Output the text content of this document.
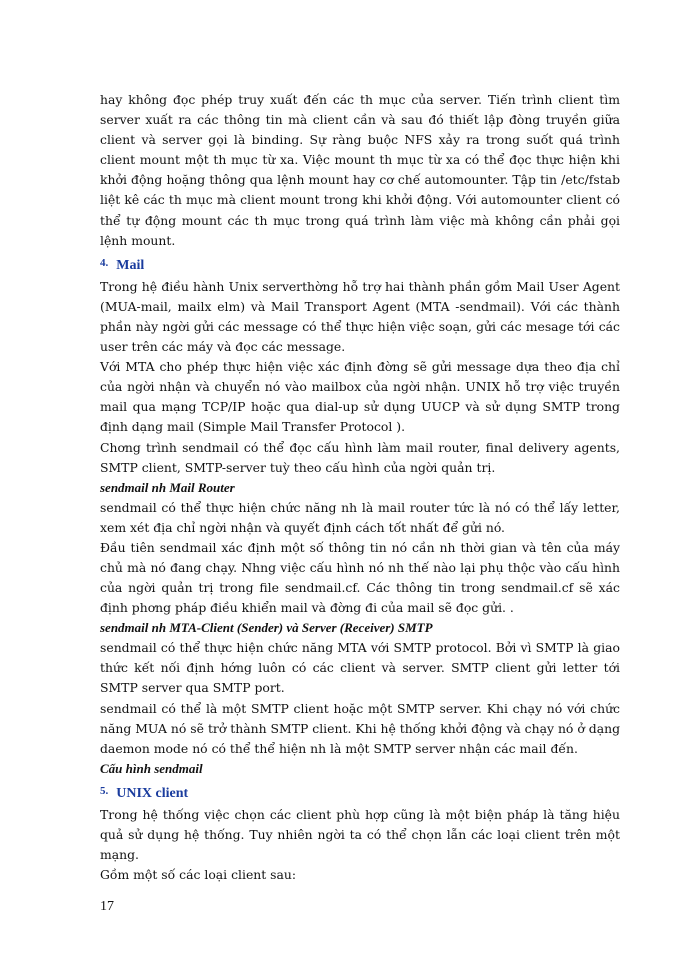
hay không đọc phép truy xuất đến các th mục của server. Tiến trình client tìm server xuất ra các thông tin mà client cần và sau đó thiết lập đòng truyền giữa client và server gọi là binding. Sự ràng buộc NFS xảy ra trong suốt quá trình client mount một th mục từ xa. Việc mount th mục từ xa có thể đọc thực hiện khi khởi động hoặng thông qua lệnh mount hay cơ chế automounter. Tập tin /etc/fstab liệt kê các th mục mà client mount trong khi khởi động. Với automounter client có thể tự động mount các th mục trong quá trình làm việc mà không cần phải gọi lệnh mount.

$^{4.}$ Mail

Trong hệ điều hành Unix serverthờng hỗ trợ hai thành phần gồm Mail User Agent (MUA-mail, mailx elm) và Mail Transport Agent (MTA -sendmail). Với các thành phần này ngời gửi các message có thể thực hiện việc soạn, gửi các mesage tới các user trên các máy và đọc các message.

Với MTA cho phép thực hiện việc xác định đờng sẽ gửi message dựa theo địa chỉ của ngời nhận và chuyển nó vào mailbox của ngời nhận. UNIX hỗ trợ việc truyền mail qua mạng TCP/IP hoặc qua dial-up sử dụng UUCP và sử dụng SMTP trong định dạng mail (Simple Mail Transfer Protocol ).

Chơng trình sendmail có thể đọc cấu hình làm mail router, final delivery agents, SMTP client, SMTP-server tuỳ theo cấu hình của ngời quản trị.

sendmail nh Mail Router

sendmail có thể thực hiện chức năng nh là mail router tức là nó có thể lấy letter, xem xét địa chỉ ngời nhận và quyết định cách tốt nhất để gửi nó.

Đầu tiên sendmail xác định một số thông tin nó cần nh thời gian và tên của máy chủ mà nó đang chạy. Nhng việc cấu hình nó nh thế nào lại phụ thộc vào cấu hình của ngời quản trị trong file sendmail.cf. Các thông tin trong sendmail.cf sẽ xác định phơng pháp điều khiển mail và đờng đi của mail sẽ đọc gửi. .

sendmail nh MTA-Client (Sender) và Server (Receiver) SMTP

sendmail có thể thực hiện chức năng MTA với SMTP protocol. Bởi vì SMTP là giao thức kết nối định hớng luôn có các client và server. SMTP client gửi letter tới SMTP server qua SMTP port.

sendmail có thể là một SMTP client hoặc một SMTP server. Khi chạy nó với chức năng MUA nó sẽ trở thành SMTP client. Khi hệ thống khởi động và chạy nó ở dạng daemon mode nó có thể thể hiện nh là một SMTP server nhận các mail đến.

Cấu hình sendmail
$^{5.}$ UNIX client

Trong hệ thống việc chọn các client phù hợp cũng là một biện pháp là tăng hiệu quả sử dụng hệ thống. Tuy nhiên ngời ta có thể chọn lẫn các loại client trên một mạng.

Gồm một số các loại client sau:

17
